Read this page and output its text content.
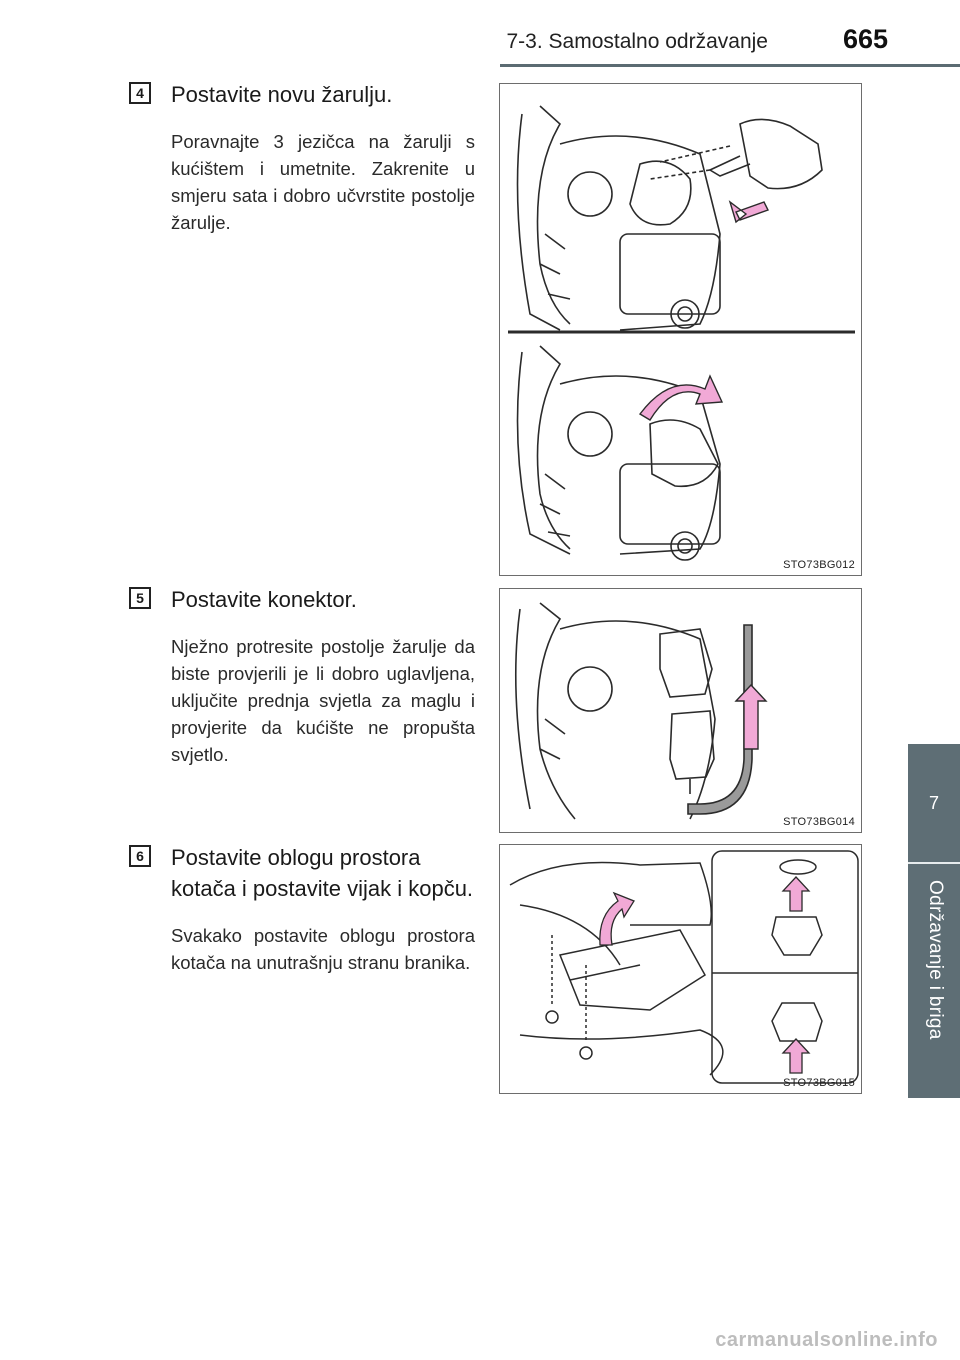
7-3. Samostalno održavanje	665
7
Održavanje i briga
4	Postavite novu žarulju.
Poravnajte 3 jezičca na žarulji s kućištem i umetnite. Zakrenite u smjeru sata i dobro učvrstite postolje žarulje.
STO73BG012
5	Postavite konektor.
Nježno protresite postolje žarulje da biste provjerili je li dobro uglavljena, uključite prednja svjetla za maglu i provjerite da kućište ne propušta svjetlo.
STO73BG014
6	Postavite oblogu prostora kotača i postavite vijak i kopču.
Svakako postavite oblogu prostora kotača na unutrašnju stranu branika.
STO73BG015
carmanualsonline.info
